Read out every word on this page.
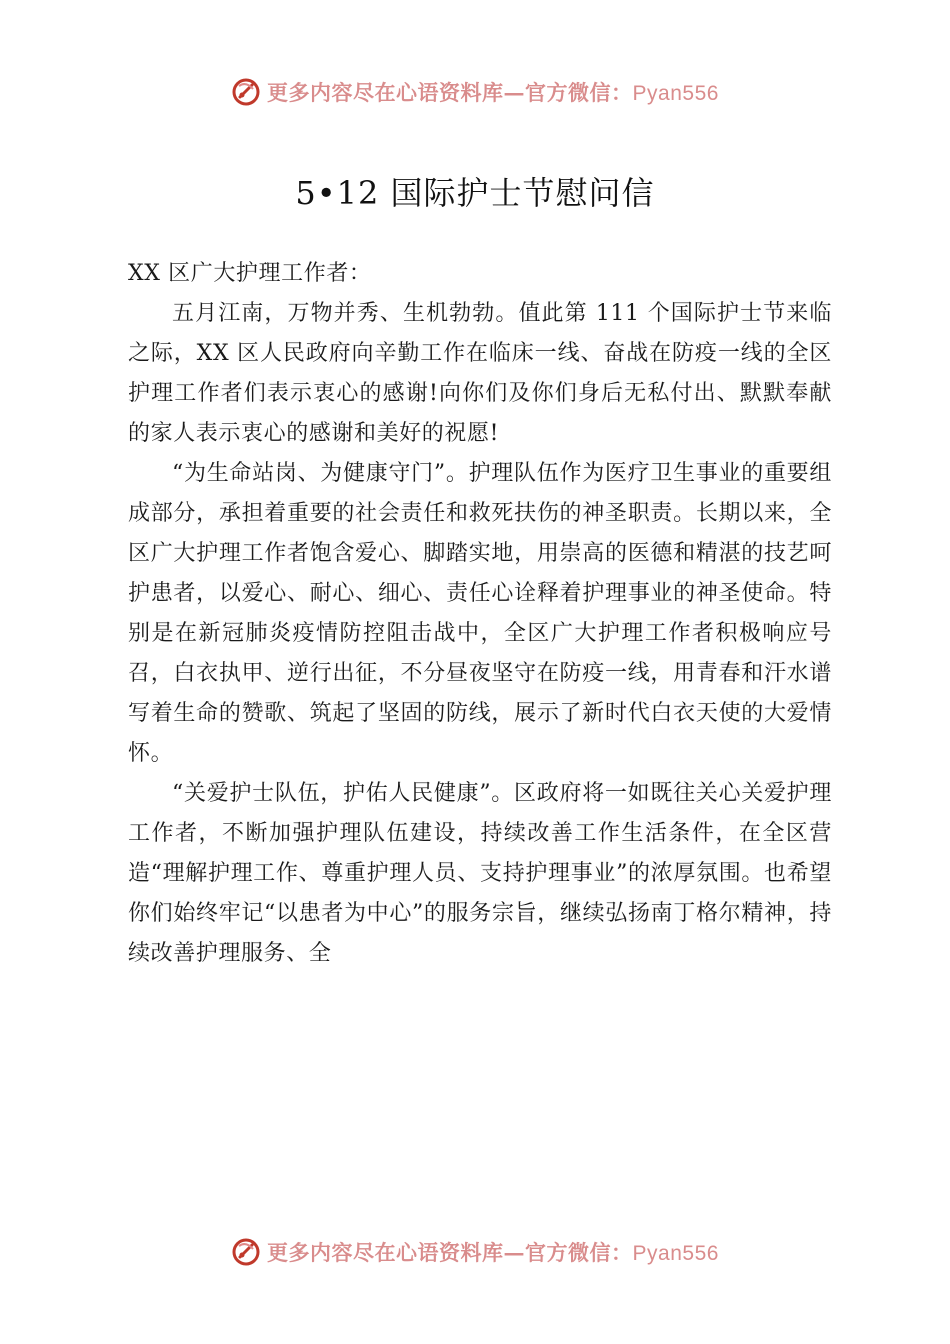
更多内容尽在心语资料库—官方微信：Pyan556
5•12 国际护士节慰问信

XX 区广大护理工作者：

五月江南，万物并秀、生机勃勃。值此第 111 个国际护士节来临之际，XX 区人民政府向辛勤工作在临床一线、奋战在防疫一线的全区护理工作者们表示衷心的感谢!向你们及你们身后无私付出、默默奉献的家人表示衷心的感谢和美好的祝愿!

“为生命站岗、为健康守门”。护理队伍作为医疗卫生事业的重要组成部分，承担着重要的社会责任和救死扶伤的神圣职责。长期以来，全区广大护理工作者饱含爱心、脚踏实地，用崇高的医德和精湛的技艺呵护患者，以爱心、耐心、细心、责任心诠释着护理事业的神圣使命。特别是在新冠肺炎疫情防控阻击战中，全区广大护理工作者积极响应号召，白衣执甲、逆行出征，不分昼夜坚守在防疫一线，用青春和汗水谱写着生命的赞歌、筑起了坚固的防线，展示了新时代白衣天使的大爱情怀。

“关爱护士队伍，护佑人民健康”。区政府将一如既往关心关爱护理工作者，不断加强护理队伍建设，持续改善工作生活条件，在全区营造“理解护理工作、尊重护理人员、支持护理事业”的浓厚氛围。也希望你们始终牢记“以患者为中心”的服务宗旨，继续弘扬南丁格尔精神，持续改善护理服务、全

更多内容尽在心语资料库—官方微信：Pyan556
